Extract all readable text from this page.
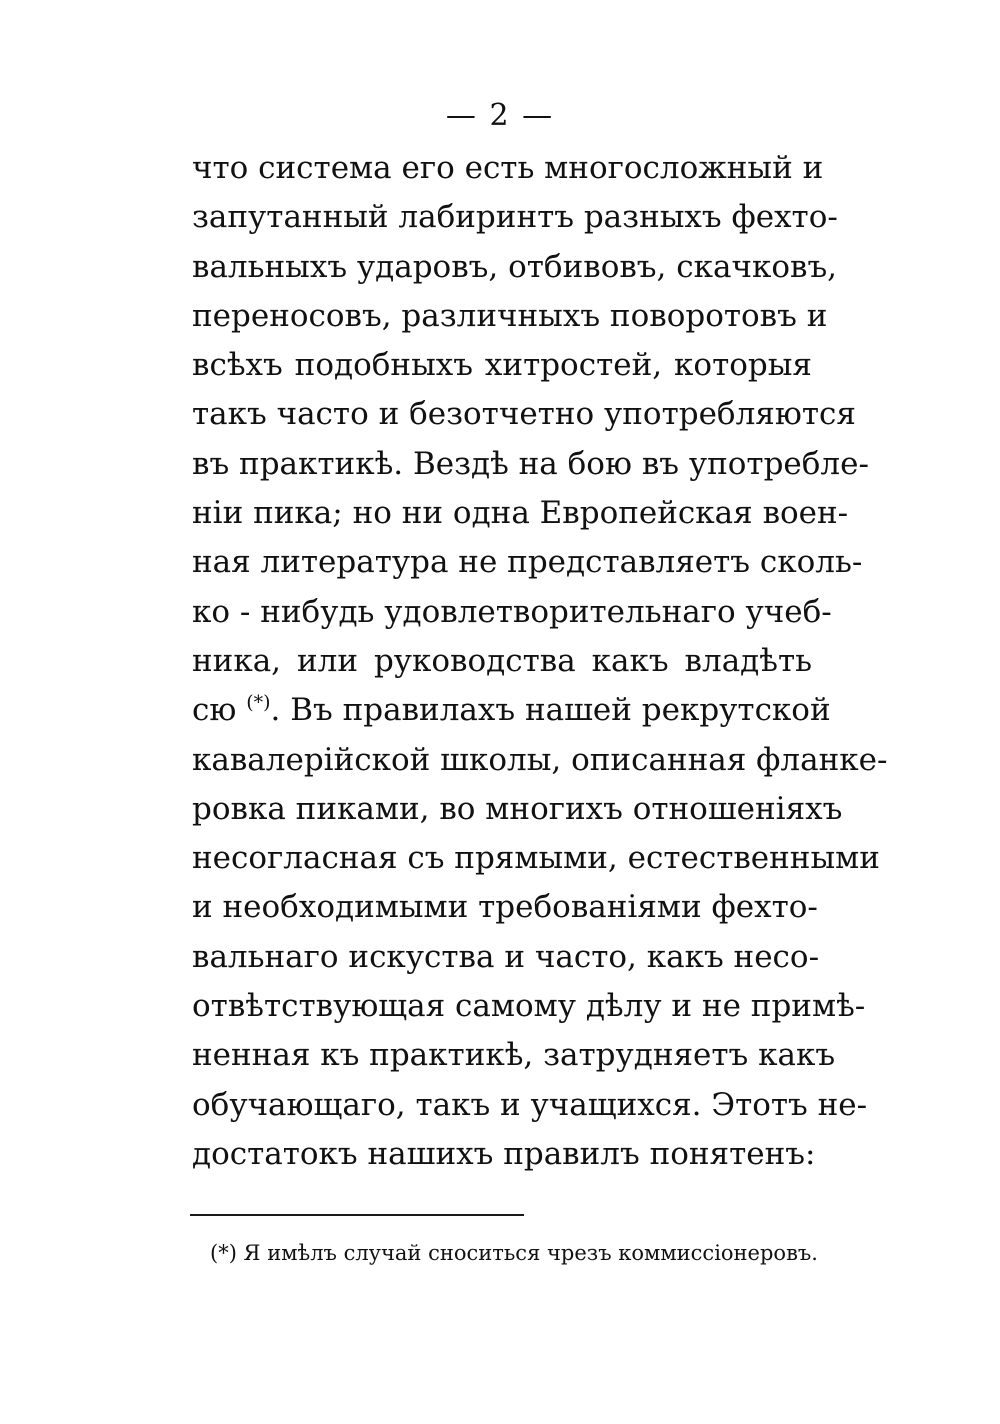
— 2 —
что система его есть многосложный и
запутанный лабиринтъ разныхъ фехто-
вальныхъ ударовъ, отбивовъ, скачковъ,
переносовъ, различныхъ поворотовъ и
всѣхъ подобныхъ хитростей, которыя
такъ часто и безотчетно употребляются
въ практикѣ. Вездѣ на бою въ употребле-
ніи пика; но ни одна Европейская воен-
ная литература не представляетъ сколь-
ко - нибудь удовлетворительнаго учеб-
ника, или руководства какъ владѣть
сю (*). Въ правилахъ нашей рекрутской
кавалерійской школы, описанная фланке-
ровка пиками, во многихъ отношеніяхъ
несогласная съ прямыми, естественными
и необходимыми требованіями фехто-
вальнаго искуства и часто, какъ несо-
отвѣтствующая самому дѣлу и не примѣ-
ненная къ практикѣ, затрудняетъ какъ
обучающаго, такъ и учащихся. Этотъ не-
достатокъ нашихъ правилъ понятенъ:
(*) Я имѣлъ случай сноситься чрезъ коммиссіонеровъ.
